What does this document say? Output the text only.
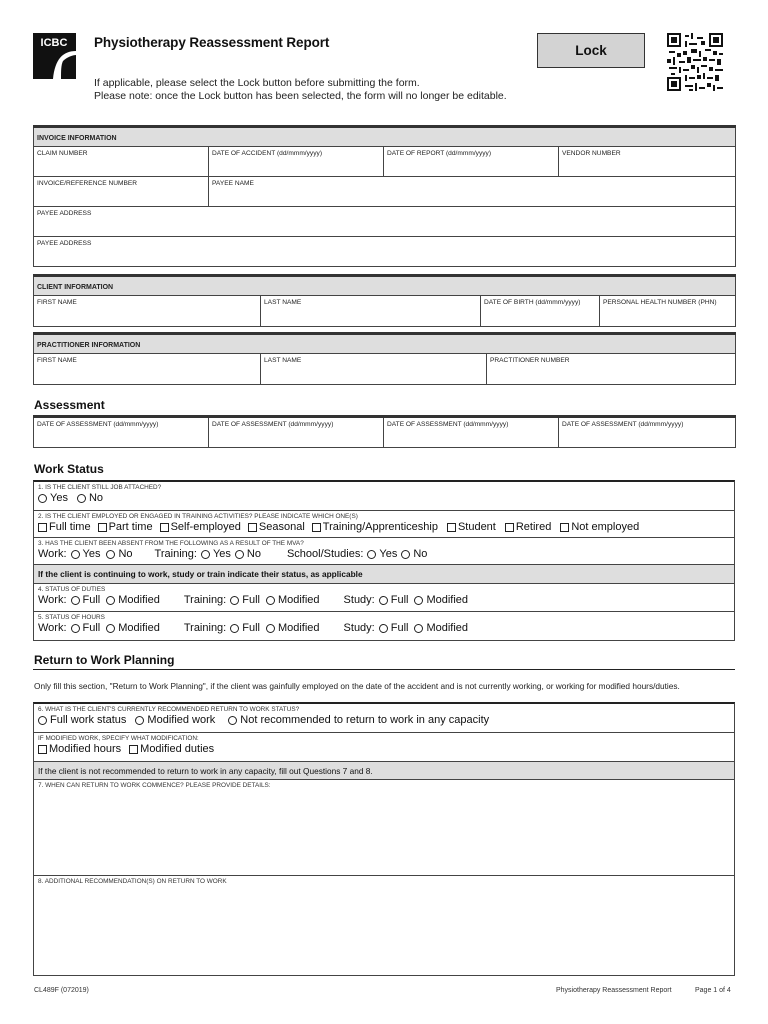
ICBC Physiotherapy Reassessment Report
If applicable, please select the Lock button before submitting the form.
Please note: once the Lock button has been selected, the form will no longer be editable.
Lock
INVOICE INFORMATION			
CLAIM NUMBER	DATE OF ACCIDENT (dd/mmm/yyyy)	DATE OF REPORT (dd/mmm/yyyy)	VENDOR NUMBER
INVOICE/REFERENCE NUMBER	PAYEE NAME		
PAYEE ADDRESS			
PAYEE ADDRESS			
CLIENT INFORMATION
FIRST NAME	LAST NAME	DATE OF BIRTH (dd/mmm/yyyy)	PERSONAL HEALTH NUMBER (PHN)
PRACTITIONER INFORMATION
FIRST NAME	LAST NAME	PRACTITIONER NUMBER
Assessment
DATE OF ASSESSMENT (dd/mmm/yyyy)	DATE OF ASSESSMENT (dd/mmm/yyyy)	DATE OF ASSESSMENT (dd/mmm/yyyy)	DATE OF ASSESSMENT (dd/mmm/yyyy)
Work Status
1. IS THE CLIENT STILL JOB ATTACHED?
Yes No
2. IS THE CLIENT EMPLOYED OR ENGAGED IN TRAINING ACTIVITIES? PLEASE INDICATE WHICH ONE(S)
Full time Part time Self-employed Seasonal Training/Apprenticeship Student Retired Not employed
3. HAS THE CLIENT BEEN ABSENT FROM THE FOLLOWING AS A RESULT OF THE MVA?
Work: Yes No Training: Yes No School/Studies: Yes No
If the client is continuing to work, study or train indicate their status, as applicable
4. STATUS OF DUTIES
Work: Full Modified Training: Full Modified Study: Full Modified
5. STATUS OF HOURS
Work: Full Modified Training: Full Modified Study: Full Modified
Return to Work Planning
Only fill this section, "Return to Work Planning", if the client was gainfully employed on the date of the accident and is not currently working, or working for modified hours/duties.
6. WHAT IS THE CLIENT'S CURRENTLY RECOMMENDED RETURN TO WORK STATUS?
Full work status Modified work Not recommended to return to work in any capacity
IF MODIFIED WORK, SPECIFY WHAT MODIFICATION:
Modified hours Modified duties
If the client is not recommended to return to work in any capacity, fill out Questions 7 and 8.
7. WHEN CAN RETURN TO WORK COMMENCE? PLEASE PROVIDE DETAILS:
8. ADDITIONAL RECOMMENDATION(S) ON RETURN TO WORK
CL489F (072019)	Physiotherapy Reassessment Report	Page 1 of 4
